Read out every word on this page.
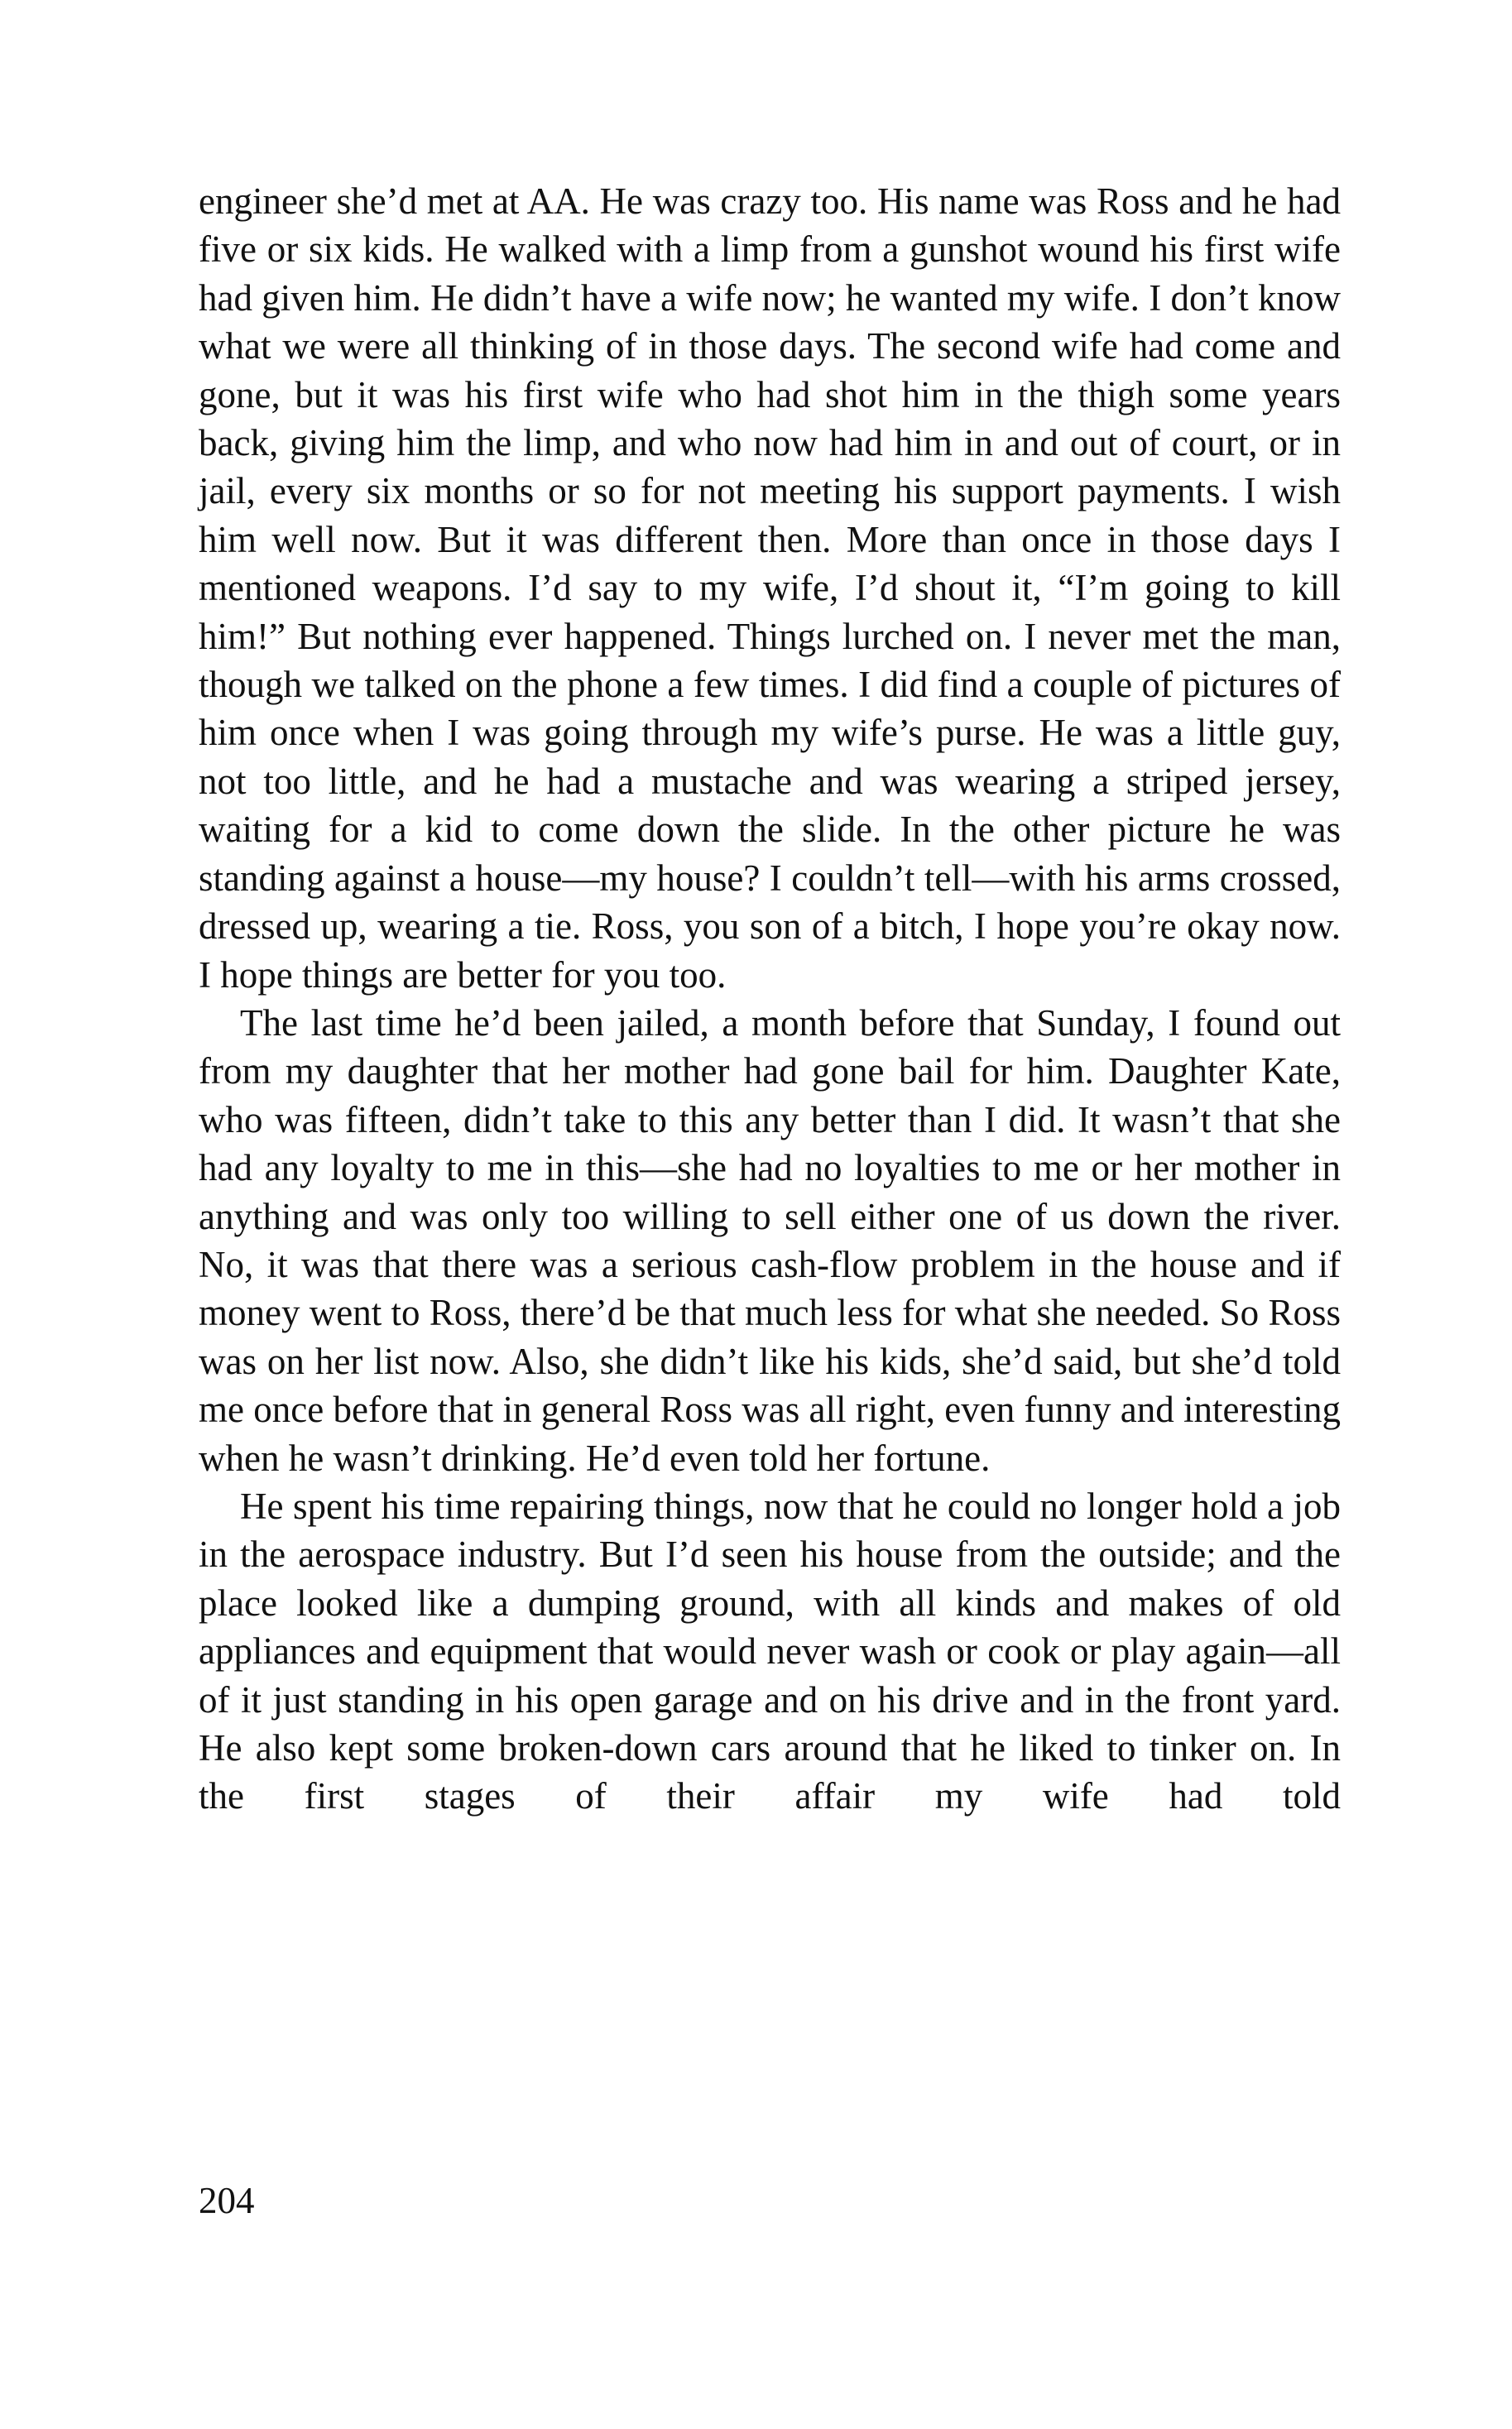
engineer she’d met at AA. He was crazy too. His name was Ross and he had five or six kids. He walked with a limp from a gunshot wound his first wife had given him. He didn’t have a wife now; he wanted my wife. I don’t know what we were all thinking of in those days. The second wife had come and gone, but it was his first wife who had shot him in the thigh some years back, giving him the limp, and who now had him in and out of court, or in jail, every six months or so for not meeting his support payments. I wish him well now. But it was different then. More than once in those days I mentioned weapons. I’d say to my wife, I’d shout it, “I’m going to kill him!” But nothing ever happened. Things lurched on. I never met the man, though we talked on the phone a few times. I did find a couple of pictures of him once when I was going through my wife’s purse. He was a little guy, not too little, and he had a mustache and was wearing a striped jersey, waiting for a kid to come down the slide. In the other picture he was standing against a house—my house? I couldn’t tell—with his arms crossed, dressed up, wearing a tie. Ross, you son of a bitch, I hope you’re okay now. I hope things are better for you too.

The last time he’d been jailed, a month before that Sunday, I found out from my daughter that her mother had gone bail for him. Daughter Kate, who was fifteen, didn’t take to this any better than I did. It wasn’t that she had any loyalty to me in this—she had no loyalties to me or her mother in anything and was only too willing to sell either one of us down the river. No, it was that there was a serious cash-flow problem in the house and if money went to Ross, there’d be that much less for what she needed. So Ross was on her list now. Also, she didn’t like his kids, she’d said, but she’d told me once before that in general Ross was all right, even funny and interesting when he wasn’t drinking. He’d even told her fortune.

He spent his time repairing things, now that he could no longer hold a job in the aerospace industry. But I’d seen his house from the outside; and the place looked like a dumping ground, with all kinds and makes of old appliances and equipment that would never wash or cook or play again—all of it just standing in his open garage and on his drive and in the front yard. He also kept some broken-down cars around that he liked to tinker on. In the first stages of their affair my wife had told

204
